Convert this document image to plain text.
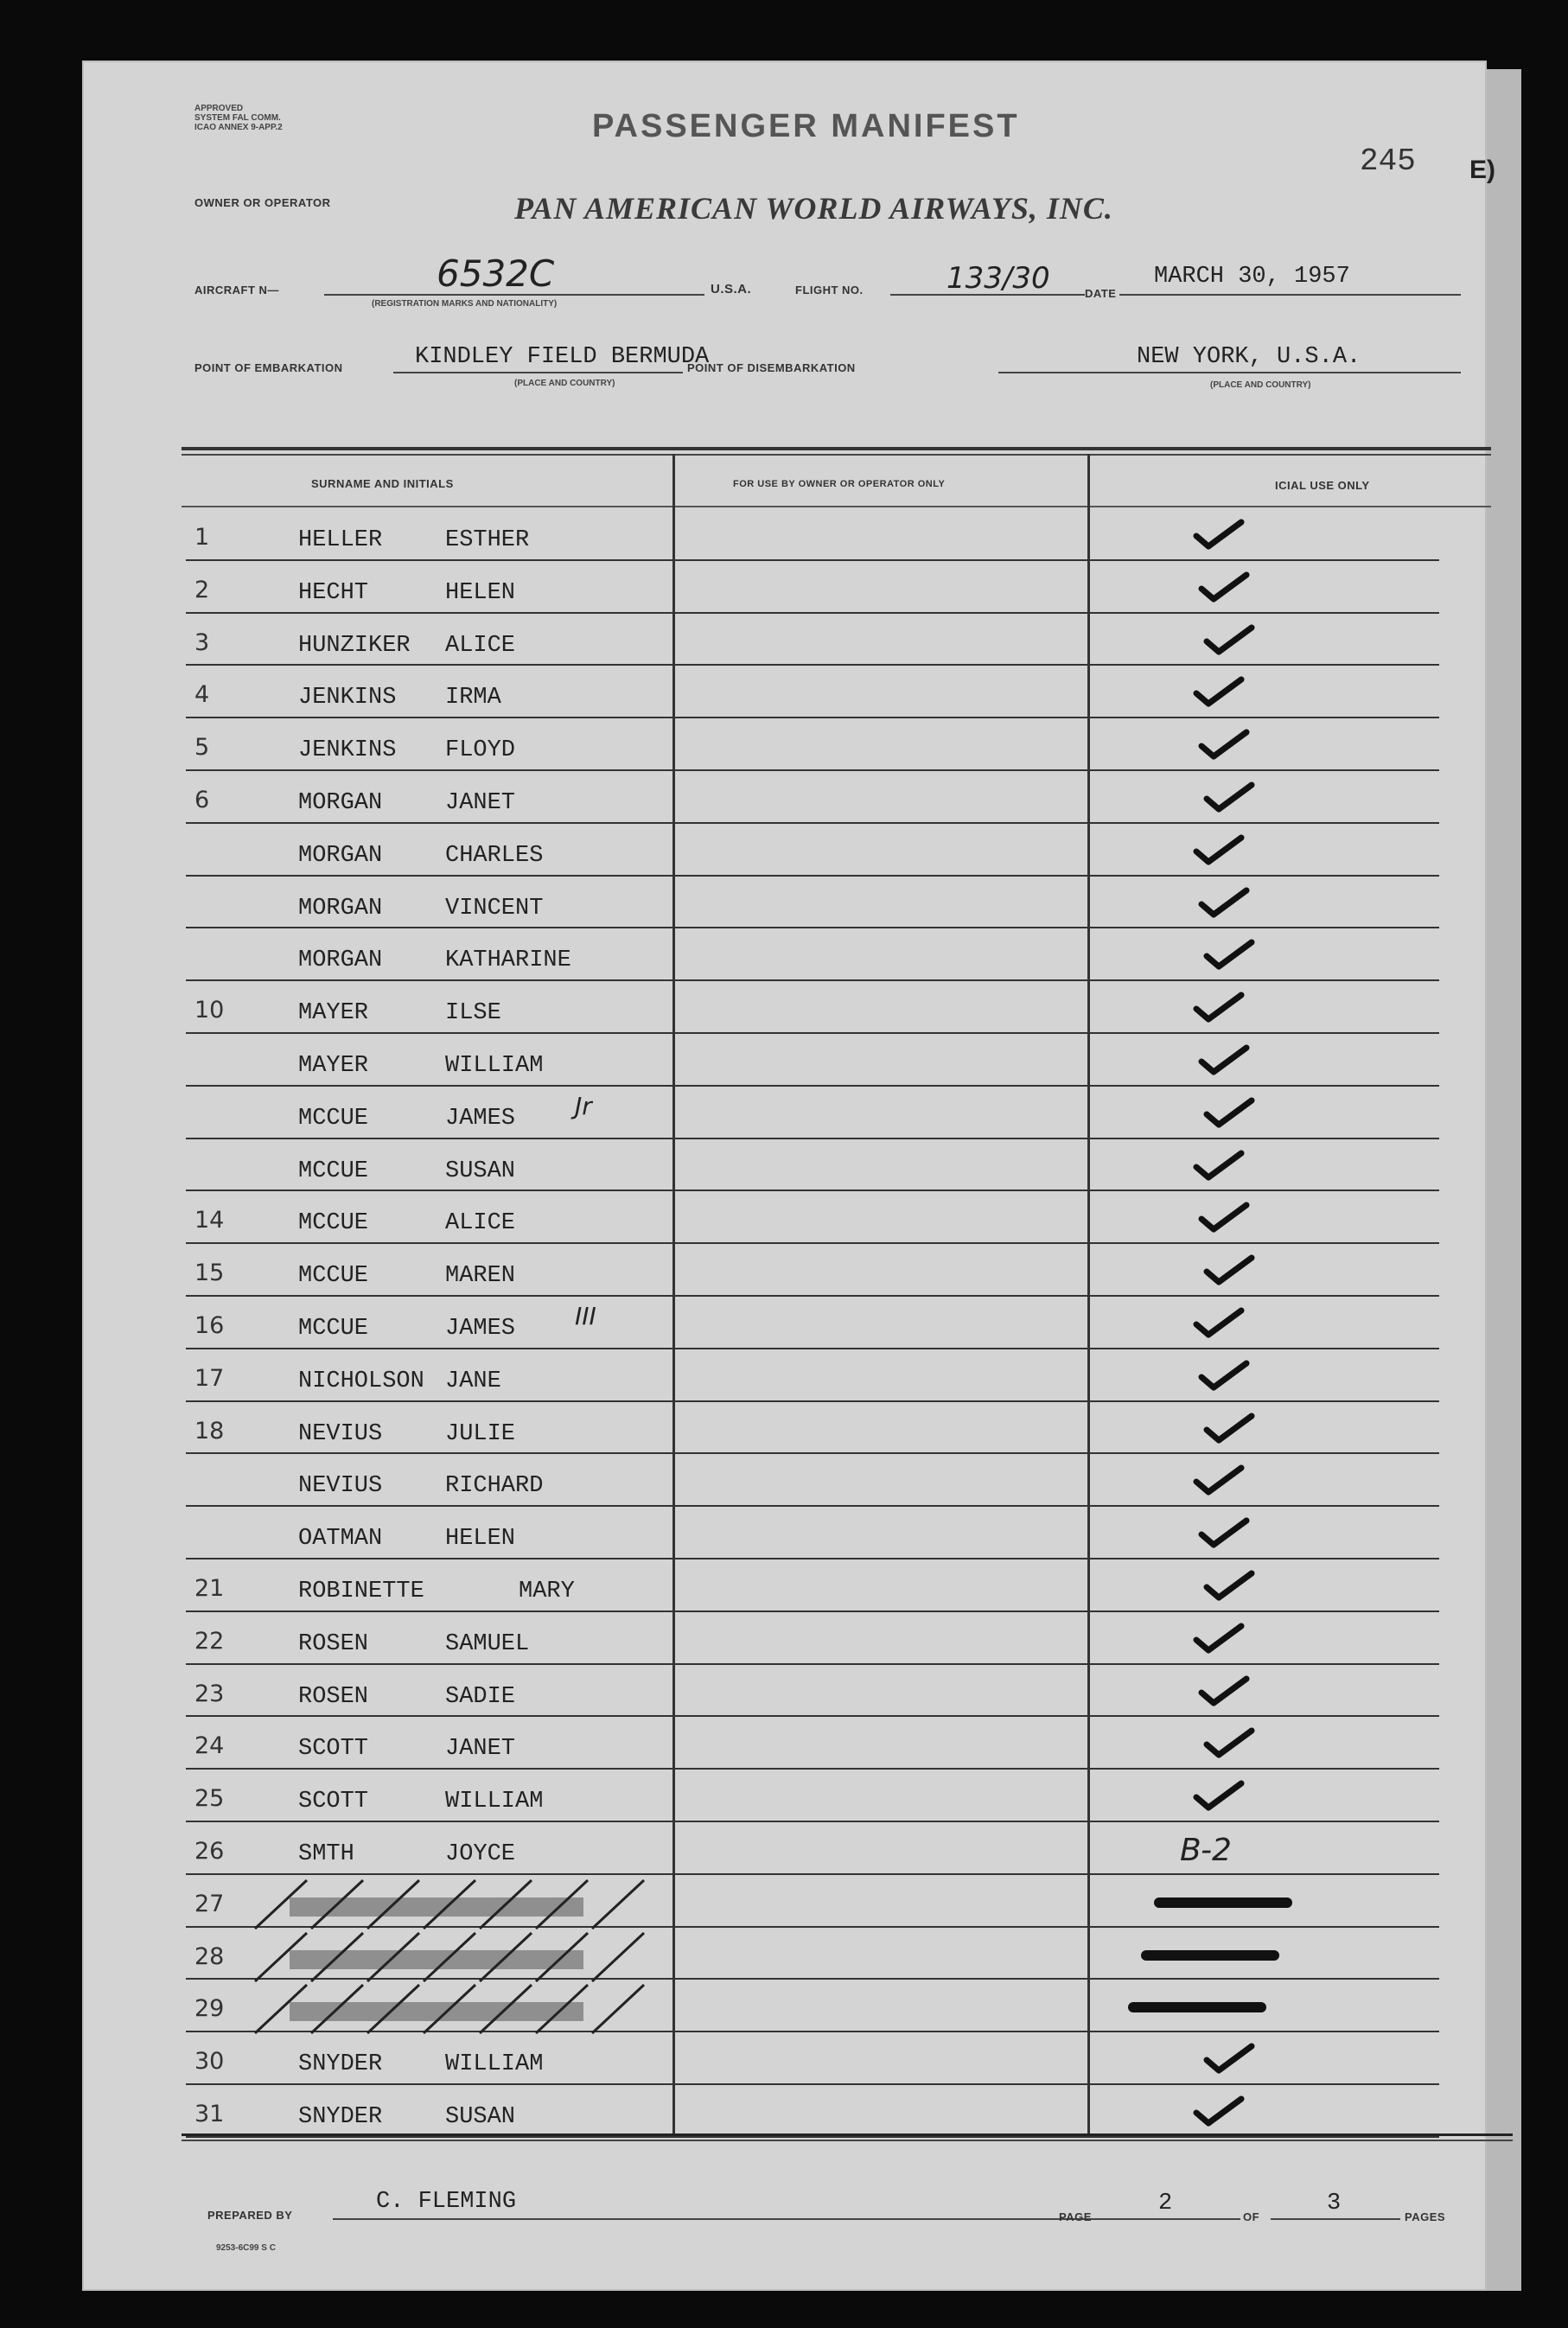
APPROVED
SYSTEM FAL COMM.
ICAO ANNEX 9-APP.2	PASSENGER MANIFEST
245 E)
OWNER OR OPERATOR	PAN AMERICAN WORLD AIRWAYS, INC.
AIRCRAFT N—	6532C
(REGISTRATION MARKS AND NATIONALITY)
U.S.A.	FLIGHT NO.	133/30	DATE
MARCH 30, 1957
POINT OF EMBARKATION	KINDLEY FIELD BERMUDA
(PLACE AND COUNTRY)
POINT OF DISEMBARKATION	NEW YORK, U.S.A.
(PLACE AND COUNTRY)
SURNAME AND INITIALS	FOR USE BY OWNER OR OPERATOR ONLY	ICIAL USE ONLY
1	HELLER	ESTHER
2	HECHT	HELEN
3	HUNZIKER ALICE
4	JENKINS IRMA
5	JENKINS FLOYD
6	MORGAN	JANET
MORGAN	CHARLES
MORGAN	VINCENT
MORGAN	KATHARINE
10	MAYER	ILSE
MAYER	WILLIAM
MCCUE	JAMES Jr
MCCUE	SUSAN
14	MCCUE	ALICE
15	MCCUE	MAREN
16	MCCUE	JAMES III
17	NICHOLSON JANE
18	NEVIUS	JULIE
NEVIUS	RICHARD
OATMAN	HELEN
21	ROBINETTE	MARY
22	ROSEN	SAMUEL
23	ROSEN	SADIE
24	SCOTT	JANET
25	SCOTT	WILLIAM
26	SMTH	JOYCE	B-2
27
28
29
30	SNYDER	WILLIAM
31	SNYDER	SUSAN
PREPARED BY
C. FLEMING
PAGE
2
OF
3
PAGES
9253-6C99 S C
